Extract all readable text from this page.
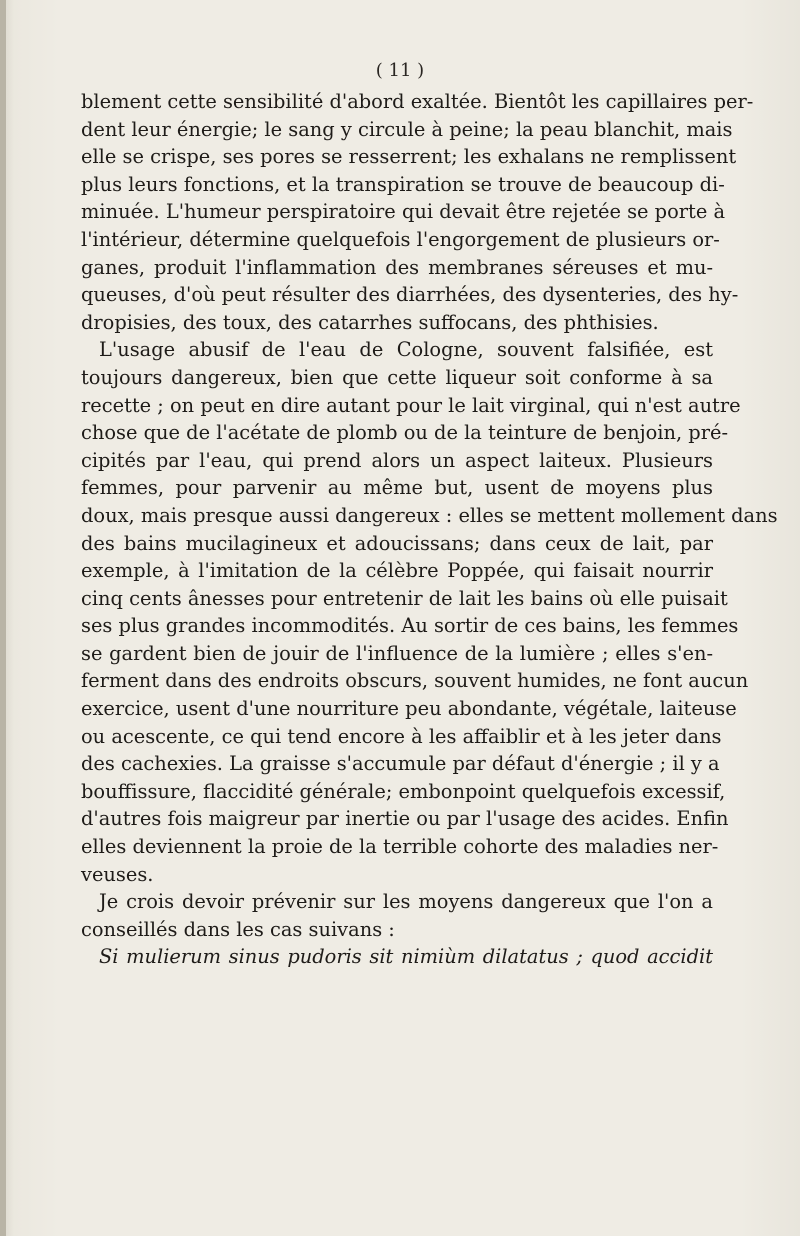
( 11 )
blement cette sensibilité d'abord exaltée. Bientôt les capillaires per-
dent leur énergie; le sang y circule à peine; la peau blanchit, mais
elle se crispe, ses pores se resserrent; les exhalans ne remplissent
plus leurs fonctions, et la transpiration se trouve de beaucoup di-
minuée. L'humeur perspiratoire qui devait être rejetée se porte à
l'intérieur, détermine quelquefois l'engorgement de plusieurs or-
ganes, produit l'inflammation des membranes séreuses et mu-
queuses, d'où peut résulter des diarrhées, des dysenteries, des hy-
dropisies, des toux, des catarrhes suffocans, des phthisies.
L'usage abusif de l'eau de Cologne, souvent falsifiée, est
toujours dangereux, bien que cette liqueur soit conforme à sa
recette ; on peut en dire autant pour le lait virginal, qui n'est autre
chose que de l'acétate de plomb ou de la teinture de benjoin, pré-
cipités par l'eau, qui prend alors un aspect laiteux. Plusieurs
femmes, pour parvenir au même but, usent de moyens plus
doux, mais presque aussi dangereux : elles se mettent mollement dans
des bains mucilagineux et adoucissans; dans ceux de lait, par
exemple, à l'imitation de la célèbre Poppée, qui faisait nourrir
cinq cents ânesses pour entretenir de lait les bains où elle puisait
ses plus grandes incommodités. Au sortir de ces bains, les femmes
se gardent bien de jouir de l'influence de la lumière ; elles s'en-
ferment dans des endroits obscurs, souvent humides, ne font aucun
exercice, usent d'une nourriture peu abondante, végétale, laiteuse
ou acescente, ce qui tend encore à les affaiblir et à les jeter dans
des cachexies. La graisse s'accumule par défaut d'énergie ; il y a
bouffissure, flaccidité générale; embonpoint quelquefois excessif,
d'autres fois maigreur par inertie ou par l'usage des acides. Enfin
elles deviennent la proie de la terrible cohorte des maladies ner-
veuses.
Je crois devoir prévenir sur les moyens dangereux que l'on a
conseillés dans les cas suivans :
Si mulierum sinus pudoris sit nimiùm dilatatus ; quod accidit
